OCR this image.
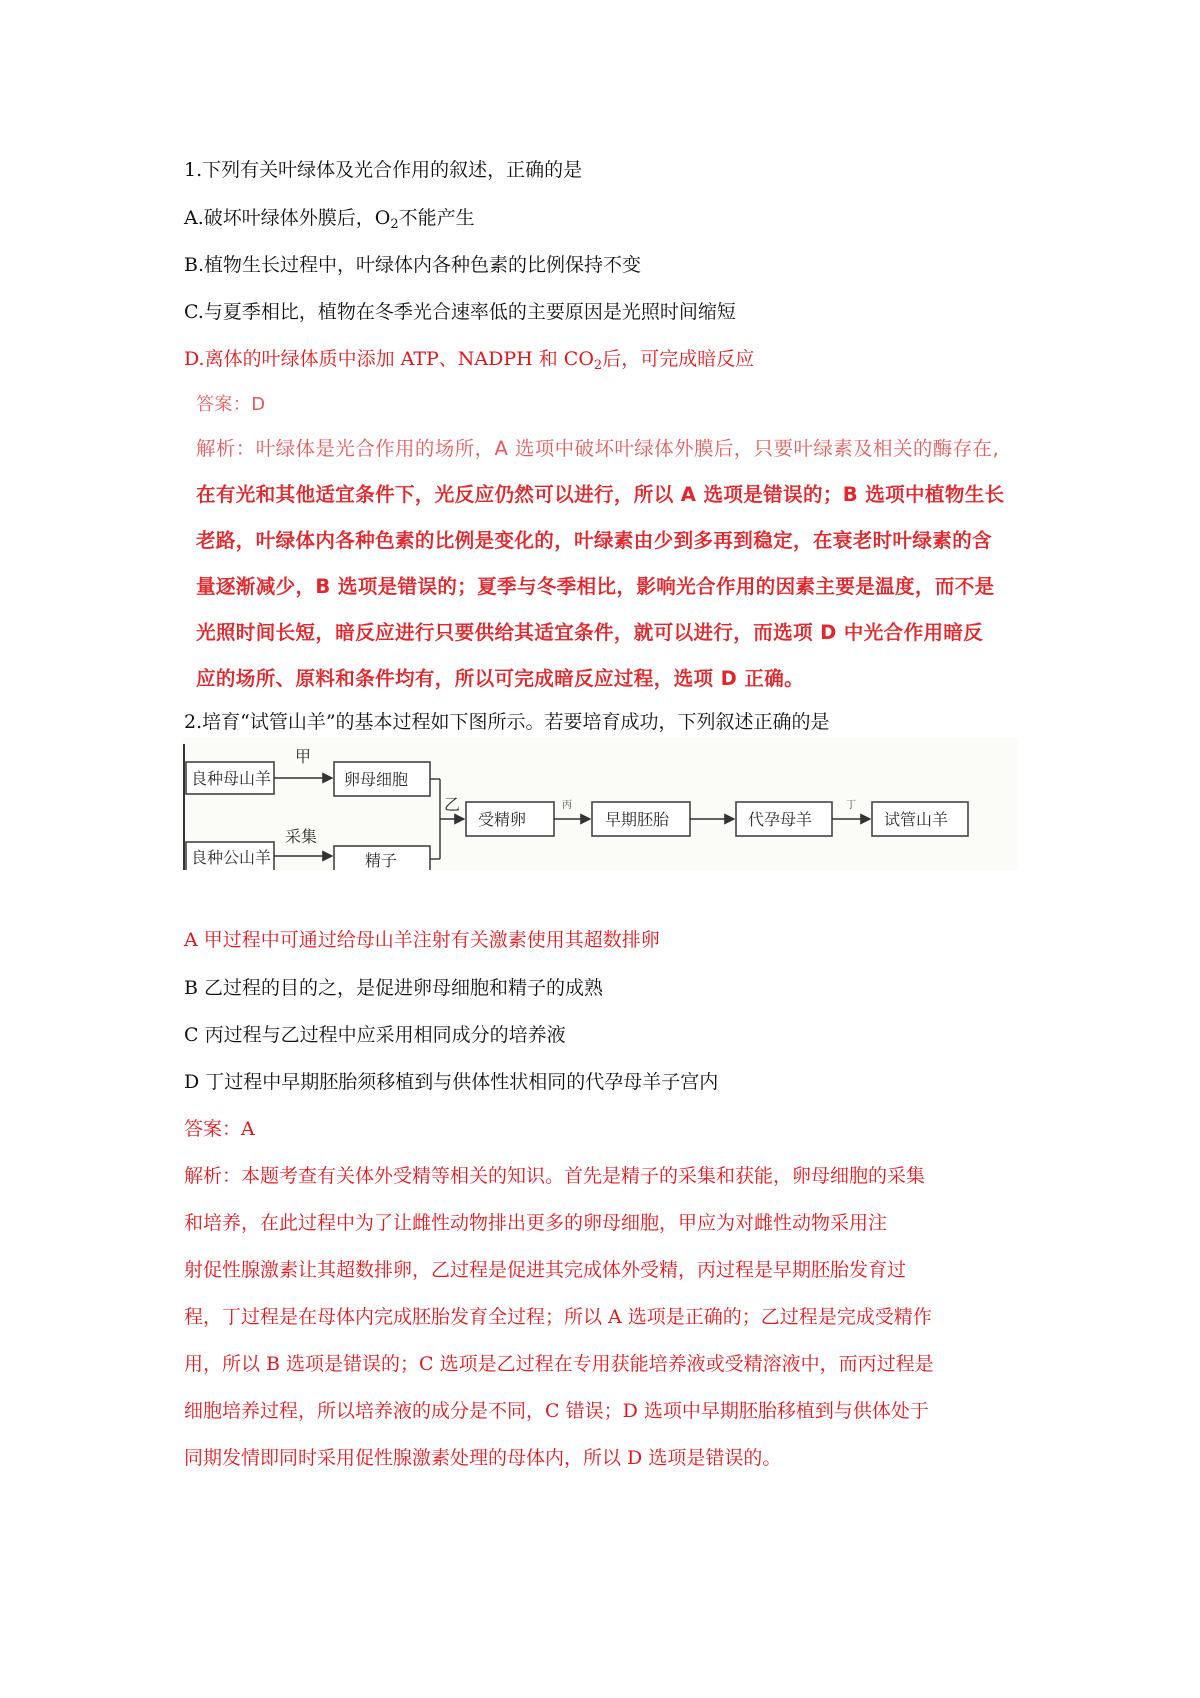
1.下列有关叶绿体及光合作用的叙述，正确的是
A.破坏叶绿体外膜后，$O_2$不能产生
B.植物生长过程中，叶绿体内各种色素的比例保持不变
C.与夏季相比，植物在冬季光合速率低的主要原因是光照时间缩短
D.离体的叶绿体质中添加 ATP、NADPH 和 $CO_2$后，可完成暗反应
答案：D
解析：叶绿体是光合作用的场所，A 选项中破坏叶绿体外膜后，只要叶绿素及相关的酶存在,
在有光和其他适宜条件下，光反应仍然可以进行，所以 A 选项是错误的；B 选项中植物生长
老路，叶绿体内各种色素的比例是变化的，叶绿素由少到多再到稳定，在衰老时叶绿素的含
量逐渐减少，B 选项是错误的；夏季与冬季相比，影响光合作用的因素主要是温度，而不是
光照时间长短，暗反应进行只要供给其适宜条件，就可以进行，而选项 D 中光合作用暗反
应的场所、原料和条件均有，所以可完成暗反应过程，选项 D 正确。
2.培育“试管山羊”的基本过程如下图所示。若要培育成功，下列叙述正确的是
良种母山羊
甲
卵母细胞
良种公山羊
采集
精子
乙
受精卵
丙
早期胚胎	代孕母羊
丁
试管山羊
A 甲过程中可通过给母山羊注射有关激素使用其超数排卵
B 乙过程的目的之，是促进卵母细胞和精子的成熟
C 丙过程与乙过程中应采用相同成分的培养液
D 丁过程中早期胚胎须移植到与供体性状相同的代孕母羊子宫内
答案：A
解析：本题考查有关体外受精等相关的知识。首先是精子的采集和获能，卵母细胞的采集
和培养，在此过程中为了让雌性动物排出更多的卵母细胞，甲应为对雌性动物采用注
射促性腺激素让其超数排卵，乙过程是促进其完成体外受精，丙过程是早期胚胎发育过
程，丁过程是在母体内完成胚胎发育全过程；所以 A 选项是正确的；乙过程是完成受精作
用，所以 B 选项是错误的；C 选项是乙过程在专用获能培养液或受精溶液中，而丙过程是
细胞培养过程，所以培养液的成分是不同，C 错误；D 选项中早期胚胎移植到与供体处于
同期发情即同时采用促性腺激素处理的母体内，所以 D 选项是错误的。
